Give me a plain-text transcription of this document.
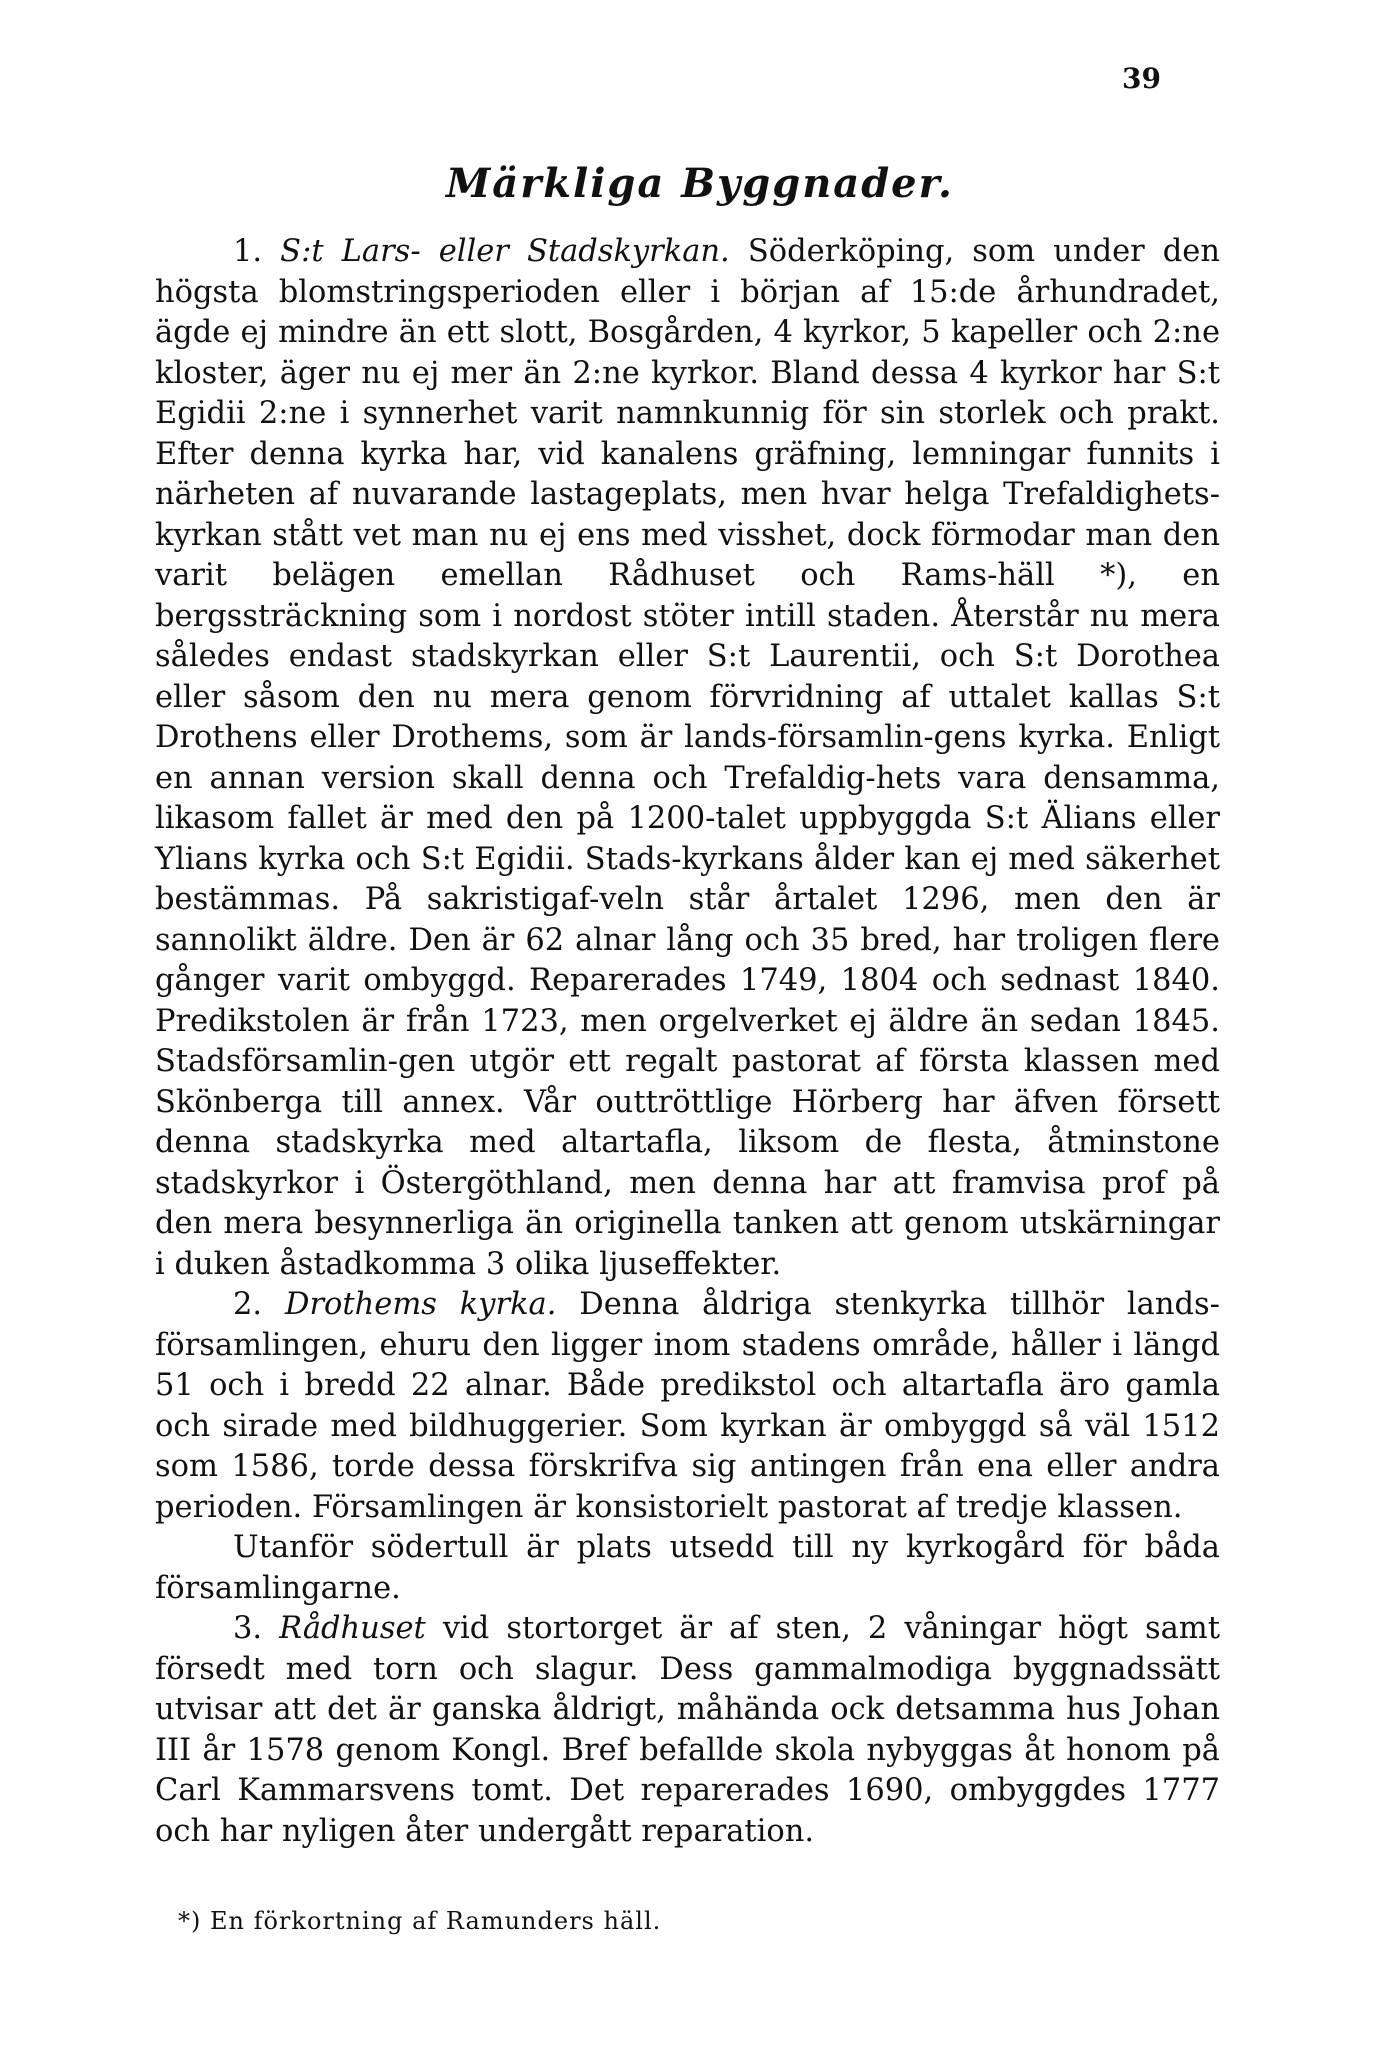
39
Märkliga Byggnader.

1. S:t Lars- eller Stadskyrkan. Söderköping, som under den högsta blomstringsperioden eller i början af 15:de århundradet, ägde ej mindre än ett slott, Bosgården, 4 kyrkor, 5 kapeller och 2:ne kloster, äger nu ej mer än 2:ne kyrkor. Bland dessa 4 kyrkor har S:t Egidii 2:ne i synnerhet varit namnkunnig för sin storlek och prakt. Efter denna kyrka har, vid kanalens gräfning, lemningar funnits i närheten af nuvarande lastageplats, men hvar helga Trefaldighets-kyrkan stått vet man nu ej ens med visshet, dock förmodar man den varit belägen emellan Rådhuset och Rams-häll *), en bergssträckning som i nordost stöter intill staden. Återstår nu mera således endast stadskyrkan eller S:t Laurentii, och S:t Dorothea eller såsom den nu mera genom förvridning af uttalet kallas S:t Drothens eller Drothems, som är lands-församlin-gens kyrka. Enligt en annan version skall denna och Trefaldig-hets vara densamma, likasom fallet är med den på 1200-talet uppbyggda S:t Älians eller Ylians kyrka och S:t Egidii. Stads-kyrkans ålder kan ej med säkerhet bestämmas. På sakristigaf-veln står årtalet 1296, men den är sannolikt äldre. Den är 62 alnar lång och 35 bred, har troligen flere gånger varit ombyggd. Reparerades 1749, 1804 och sednast 1840. Predikstolen är från 1723, men orgelverket ej äldre än sedan 1845. Stadsförsamlin-gen utgör ett regalt pastorat af första klassen med Skönberga till annex. Vår outtröttlige Hörberg har äfven försett denna stadskyrka med altartafla, liksom de flesta, åtminstone stadskyrkor i Östergöthland, men denna har att framvisa prof på den mera besynnerliga än originella tanken att genom utskärningar i duken åstadkomma 3 olika ljuseffekter.

2. Drothems kyrka. Denna åldriga stenkyrka tillhör lands-församlingen, ehuru den ligger inom stadens område, håller i längd 51 och i bredd 22 alnar. Både predikstol och altartafla äro gamla och sirade med bildhuggerier. Som kyrkan är ombyggd så väl 1512 som 1586, torde dessa förskrifva sig antingen från ena eller andra perioden. Församlingen är konsistorielt pastorat af tredje klassen.

Utanför södertull är plats utsedd till ny kyrkogård för båda församlingarne.

3. Rådhuset vid stortorget är af sten, 2 våningar högt samt försedt med torn och slagur. Dess gammalmodiga byggnadssätt utvisar att det är ganska åldrigt, måhända ock detsamma hus Johan III år 1578 genom Kongl. Bref befallde skola nybyggas åt honom på Carl Kammarsvens tomt. Det reparerades 1690, ombyggdes 1777 och har nyligen åter undergått reparation.

*) En förkortning af Ramunders häll.
